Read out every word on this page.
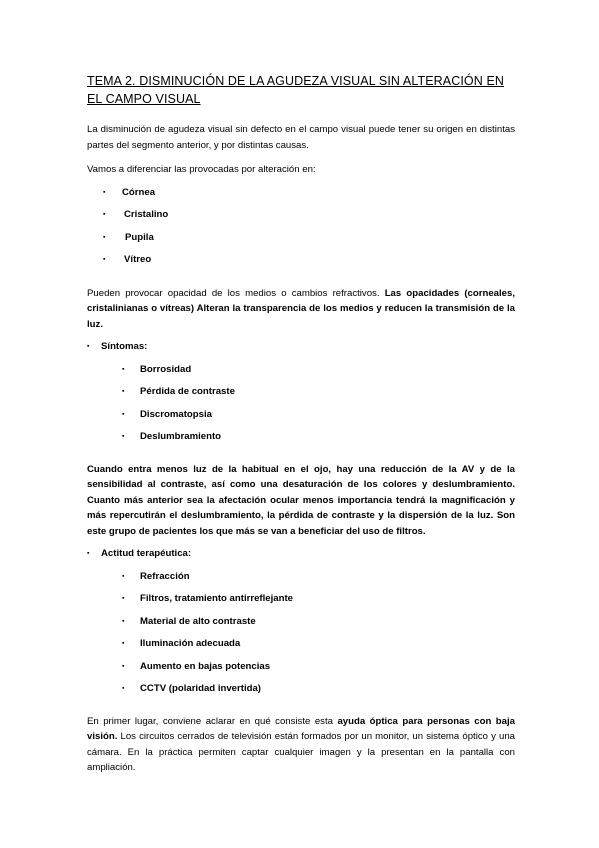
TEMA 2. DISMINUCIÓN DE LA AGUDEZA VISUAL SIN ALTERACIÓN EN EL CAMPO VISUAL

La disminución de agudeza visual sin defecto en el campo visual puede tener su origen en distintas partes del segmento anterior, y por distintas causas.

Vamos a diferenciar las provocadas por alteración en:

▪ Córnea
▪ Cristalino
▪ Pupila
▪ Vítreo

Pueden provocar opacidad de los medios o cambios refractivos. Las opacidades (corneales, cristalinianas o vítreas) Alteran la transparencia de los medios y reducen la transmisión de la luz.

▪ Síntomas:
▪ Borrosidad
▪ Pérdida de contraste
▪ Discromatopsia
▪ Deslumbramiento

Cuando entra menos luz de la habitual en el ojo, hay una reducción de la AV y de la sensibilidad al contraste, así como una desaturación de los colores y deslumbramiento. Cuanto más anterior sea la afectación ocular menos importancia tendrá la magnificación y más repercutirán el deslumbramiento, la pérdida de contraste y la dispersión de la luz. Son este grupo de pacientes los que más se van a beneficiar del uso de filtros.

▪ Actitud terapéutica:
▪ Refracción
▪ Filtros, tratamiento antirreflejante
▪ Material de alto contraste
▪ Iluminación adecuada
▪ Aumento en bajas potencias
▪ CCTV (polaridad invertida)

En primer lugar, conviene aclarar en qué consiste esta ayuda óptica para personas con baja visión. Los circuitos cerrados de televisión están formados por un monitor, un sistema óptico y una cámara. En la práctica permiten captar cualquier imagen y la presentan en la pantalla con ampliación.
